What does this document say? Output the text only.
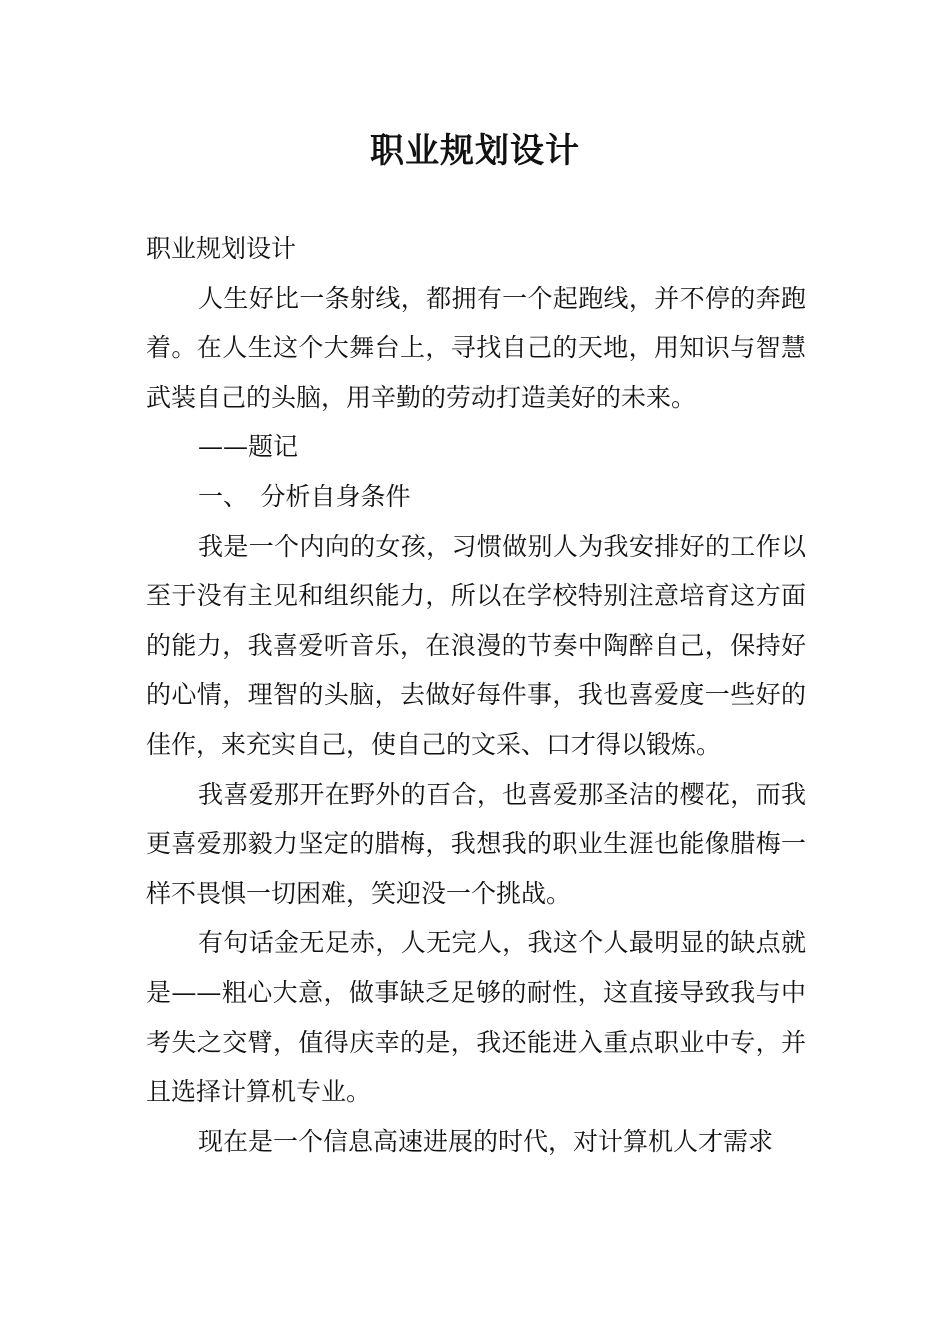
职业规划设计

职业规划设计

人生好比一条射线，都拥有一个起跑线，并不停的奔跑着。在人生这个大舞台上，寻找自己的天地，用知识与智慧武装自己的头脑，用辛勤的劳动打造美好的未来。

——题记

一、　分析自身条件

我是一个内向的女孩，习惯做别人为我安排好的工作以至于没有主见和组织能力，所以在学校特别注意培育这方面的能力，我喜爱听音乐，在浪漫的节奏中陶醉自己，保持好的心情，理智的头脑，去做好每件事，我也喜爱度一些好的佳作，来充实自己，使自己的文采、口才得以锻炼。

我喜爱那开在野外的百合，也喜爱那圣洁的樱花，而我更喜爱那毅力坚定的腊梅，我想我的职业生涯也能像腊梅一样不畏惧一切困难，笑迎没一个挑战。

有句话金无足赤，人无完人，我这个人最明显的缺点就是——粗心大意，做事缺乏足够的耐性，这直接导致我与中考失之交臂，值得庆幸的是，我还能进入重点职业中专，并且选择计算机专业。

现在是一个信息高速进展的时代，对计算机人才需求
